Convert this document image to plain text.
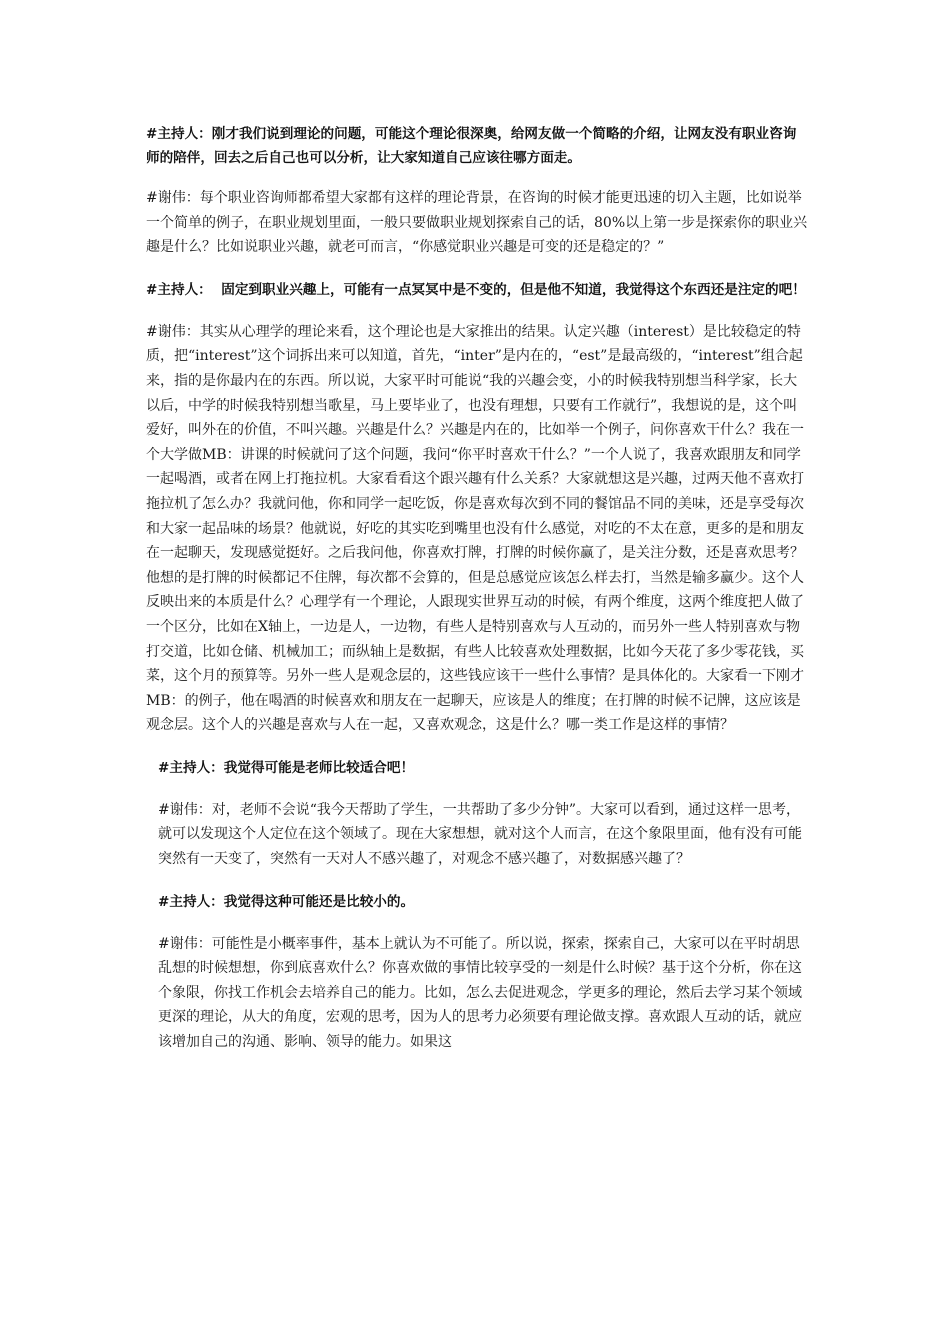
#主持人：刚才我们说到理论的问题，可能这个理论很深奥，给网友做一个简略的介绍，让网友没有职业咨询师的陪伴，回去之后自己也可以分析，让大家知道自己应该往哪方面走。

#谢伟：每个职业咨询师都希望大家都有这样的理论背景，在咨询的时候才能更迅速的切入主题，比如说举一个简单的例子，在职业规划里面，一般只要做职业规划探索自己的话，80%以上第一步是探索你的职业兴趣是什么？比如说职业兴趣，就老可而言，“你感觉职业兴趣是可变的还是稳定的？”

#主持人：  固定到职业兴趣上，可能有一点冥冥中是不变的，但是他不知道，我觉得这个东西还是注定的吧！

#谢伟：其实从心理学的理论来看，这个理论也是大家推出的结果。认定兴趣（interest）是比较稳定的特质，把“interest”这个词拆出来可以知道，首先，“inter”是内在的，“est”是最高级的，“interest”组合起来，指的是你最内在的东西。所以说，大家平时可能说“我的兴趣会变，小的时候我特别想当科学家，长大以后，中学的时候我特别想当歌星，马上要毕业了，也没有理想，只要有工作就行”，我想说的是，这个叫爱好，叫外在的价值，不叫兴趣。兴趣是什么？兴趣是内在的，比如举一个例子，问你喜欢干什么？我在一个大学做MB：讲课的时候就问了这个问题，我问“你平时喜欢干什么？”一个人说了，我喜欢跟朋友和同学一起喝酒，或者在网上打拖拉机。大家看看这个跟兴趣有什么关系？大家就想这是兴趣，过两天他不喜欢打拖拉机了怎么办？我就问他，你和同学一起吃饭，你是喜欢每次到不同的餐馆品不同的美味，还是享受每次和大家一起品味的场景？他就说，好吃的其实吃到嘴里也没有什么感觉，对吃的不太在意，更多的是和朋友在一起聊天，发现感觉挺好。之后我问他，你喜欢打牌，打牌的时候你赢了，是关注分数，还是喜欢思考？他想的是打牌的时候都记不住牌，每次都不会算的，但是总感觉应该怎么样去打，当然是输多赢少。这个人反映出来的本质是什么？心理学有一个理论，人跟现实世界互动的时候，有两个维度，这两个维度把人做了一个区分，比如在X轴上，一边是人，一边物，有些人是特别喜欢与人互动的，而另外一些人特别喜欢与物打交道，比如仓储、机械加工；而纵轴上是数据，有些人比较喜欢处理数据，比如今天花了多少零花钱，买菜，这个月的预算等。另外一些人是观念层的，这些钱应该干一些什么事情？是具体化的。大家看一下刚才MB：的例子，他在喝酒的时候喜欢和朋友在一起聊天，应该是人的维度；在打牌的时候不记牌，这应该是观念层。这个人的兴趣是喜欢与人在一起，又喜欢观念，这是什么？哪一类工作是这样的事情？

#主持人：我觉得可能是老师比较适合吧！

#谢伟：对，老师不会说“我今天帮助了学生，一共帮助了多少分钟”。大家可以看到，通过这样一思考，就可以发现这个人定位在这个领域了。现在大家想想，就对这个人而言，在这个象限里面，他有没有可能突然有一天变了，突然有一天对人不感兴趣了，对观念不感兴趣了，对数据感兴趣了？

#主持人：我觉得这种可能还是比较小的。

#谢伟：可能性是小概率事件，基本上就认为不可能了。所以说，探索，探索自己，大家可以在平时胡思乱想的时候想想，你到底喜欢什么？你喜欢做的事情比较享受的一刻是什么时候？基于这个分析，你在这个象限，你找工作机会去培养自己的能力。比如，怎么去促进观念，学更多的理论，然后去学习某个领域更深的理论，从大的角度，宏观的思考，因为人的思考力必须要有理论做支撑。喜欢跟人互动的话，就应该增加自己的沟通、影响、领导的能力。如果这
